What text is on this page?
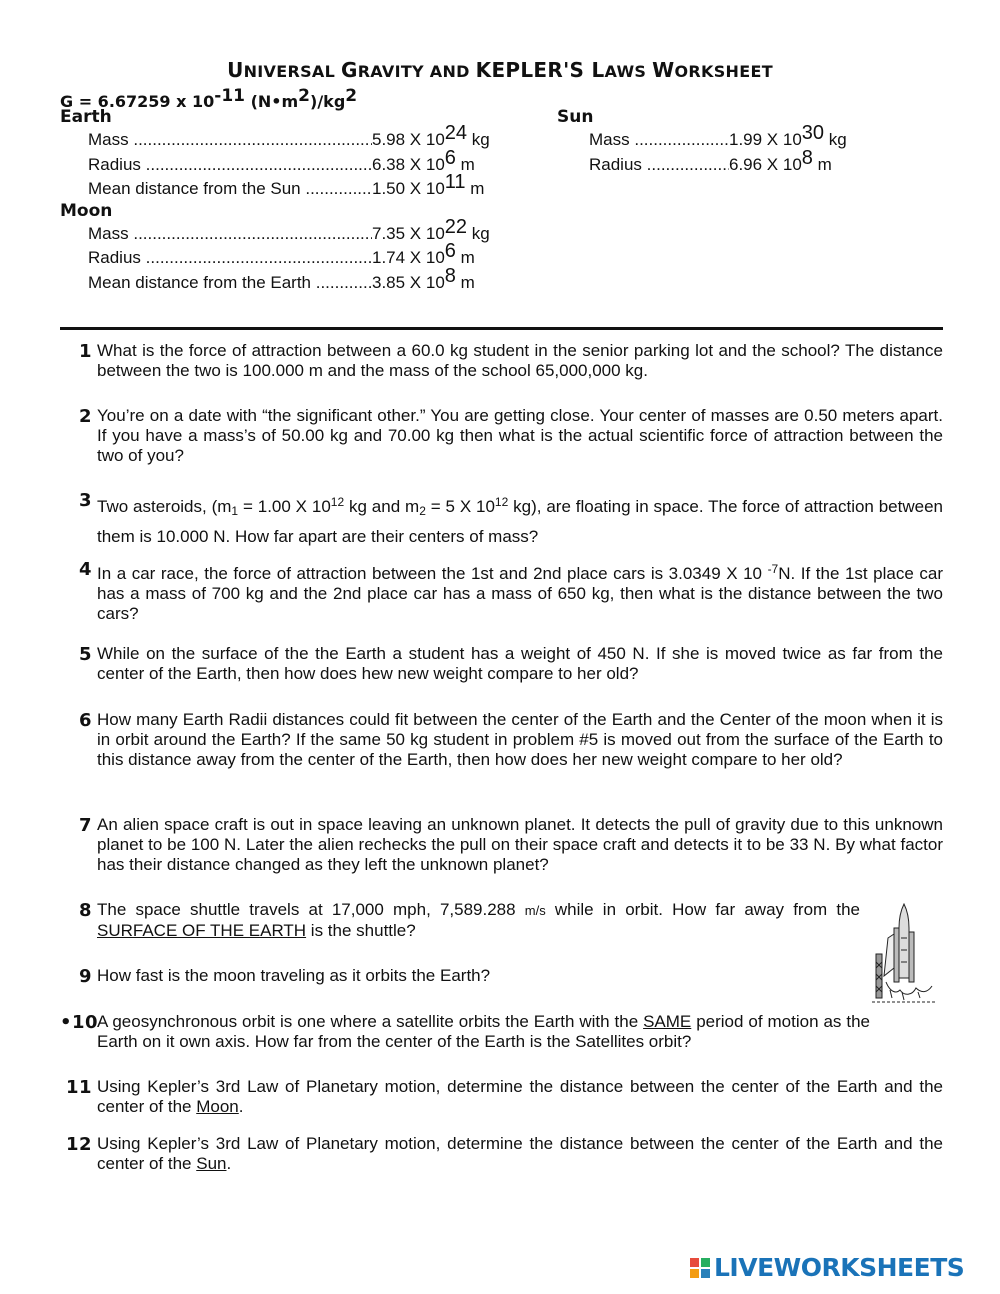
UNIVERSAL GRAVITY AND KEPLER'S LAWS WORKSHEET
G = 6.67259 x $10^{-11}$ $(N•m^2)/kg^2$
Earth
Mass .....	5.98 X $10^{24}$ kg
Radius .....	6.38 X $10^6$ m
Mean distance from the Sun .....	1.50 X $10^{11}$ m
Moon
Mass .....	7.35 X $10^{22}$ kg
Radius .....	1.74 X $10^6$ m
Mean distance from the Earth .....	3.85 X $10^8$ m
Sun
Mass .....	1.99 X $10^{30}$ kg
Radius .....	6.96 X $10^8$ m
1 What is the force of attraction between a 60.0 kg student in the senior parking lot and the school? The distance between the two is 100.000 m and the mass of the school 65,000,000 kg.
2 You’re on a date with “the significant other.” You are getting close. Your center of masses are 0.50 meters apart. If you have a mass’s of 50.00 kg and 70.00 kg then what is the actual scientific force of attraction between the two of you?
3 Two asteroids, ($m_1 = 1.00$ X $10^{12}$ kg and $m_2 = 5$ X $10^{12}$ kg), are floating in space. The force of attraction between them is 10.000 N. How far apart are their centers of mass?
4 In a car race, the force of attraction between the 1st and 2nd place cars is 3.0349 X 10 $^{-7}$N. If the 1st place car has a mass of 700 kg and the 2nd place car has a mass of 650 kg, then what is the distance between the two cars?
5 While on the surface of the the Earth a student has a weight of 450 N. If she is moved twice as far from the center of the Earth, then how does hew new weight compare to her old?
6 How many Earth Radii distances could fit between the center of the Earth and the Center of the moon when it is in orbit around the Earth? If the same 50 kg student in problem #5 is moved out from the surface of the Earth to this distance away from the center of the Earth, then how does her new weight compare to her old?
7 An alien space craft is out in space leaving an unknown planet. It detects the pull of gravity due to this unknown planet to be 100 N. Later the alien rechecks the pull on their space craft and detects it to be 33 N. By what factor has their distance changed as they left the unknown planet?
8 The space shuttle travels at 17,000 mph, 7,589.288 m/s while in orbit. How far away from the SURFACE OF THE EARTH is the shuttle?
9 How fast is the moon traveling as it orbits the Earth?
•10
A geosynchronous orbit is one where a satellite orbits the Earth with the SAME period of motion as the Earth on it own axis. How far from the center of the Earth is the Satellites orbit?
11 Using Kepler’s 3rd Law of Planetary motion, determine the distance between the center of the Earth and the center of the Moon.
12 Using Kepler’s 3rd Law of Planetary motion, determine the distance between the center of the Earth and the center of the Sun.
LIVEWORKSHEETS
